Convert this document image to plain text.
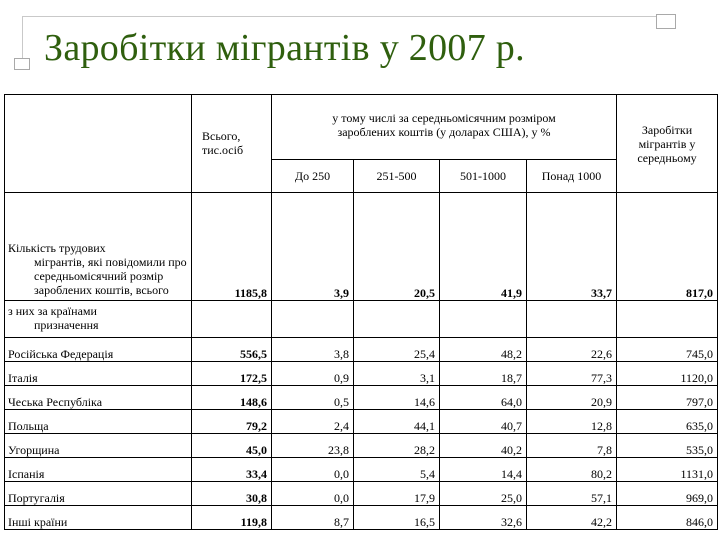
Заробітки мігрантів у 2007 р.
	Всього, тис.осіб	у тому числі за середньомісячним розміром зароблених коштів (у доларах США), у %				Заробітки мігрантів у середньому
		До 250	251-500	501-1000	Понад 1000	

Кількість трудових
мігрантів, які повідомили про середньомісячний розмір зароблених коштів, всього	1185,8	3,9	20,5	41,9	33,7	817,0

з них за країнами
призначення						

Російська Федерація	556,5	3,8	25,4	48,2	22,6	745,0
Італія	172,5	0,9	3,1	18,7	77,3	1120,0
Чеська Республіка	148,6	0,5	14,6	64,0	20,9	797,0
Польща	79,2	2,4	44,1	40,7	12,8	635,0
Угорщина	45,0	23,8	28,2	40,2	7,8	535,0
Іспанія	33,4	0,0	5,4	14,4	80,2	1131,0
Португалія	30,8	0,0	17,9	25,0	57,1	969,0
Інші країни	119,8	8,7	16,5	32,6	42,2	846,0
